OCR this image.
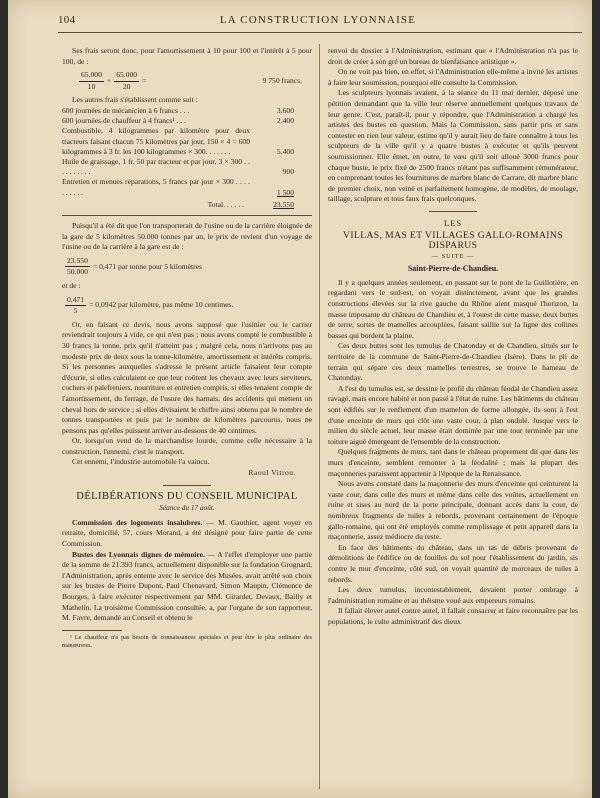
104	LA CONSTRUCTION LYONNAISE

Ses frais seront donc, pour l'amortissement à 10 pour 100 et l'intérêt à 5 pour 100, de :

$\frac{65.000}{10} + \frac{65.000}{20}$ =	9 750 francs.

Les autres frais s'établissent comme suit :

600 journées de mécanicien à 6 francs . . .	3.600
600 journées de chauffeur à 4 francs¹ . . .	2.400
Combustible, 4 kilogrammes par kilomètre pour deux tracteurs faisant chacun 75 kilomètres par jour, 150 × 4 = 600 kilogrammes à 3 fr. les 100 kilogrammes × 300. . . . . . .	5.400
Huile de graissage, 1 fr. 50 par tracteur et par jour, 3 × 300 . . . . . . . . . .	900
Entretien et menues réparations, 5 francs par jour × 300 . . . . . . . . . .	1 500
Total. . . . . .	23.550

Puisqu'il a été dit que l'on transporterait de l'usine ou de la carrière éloignée de la gare de 5 kilomètres 50.000 tonnes par an, le prix de revient d'un voyage de l'usine ou de la carrière à la gare est de :

$\frac{23.550}{50.000} = 0,471$ par tonne pour 5 kilomètres

et de :

$\frac{0,471}{5} = 0,0942$ par kilomètre, pas même 10 centimes.

Or, en faisant ce devis, nous avons supposé que l'usinier ou le carrier reviendrait toujours à vide, ce qui n'est pas ; nous avons compté le combustible à 30 francs la tonne, prix qu'il n'atteint pas ; malgré cela, nous n'arrivons pas au modeste prix de deux sous la tonne-kilomètre, amortissement et intérêts compris. Si les personnes auxquelles s'adresse le présent article faisaient leur compte d'écurie, si elles calculaient ce que leur coûtent les chevaux avec leurs serviteurs, cochers et palefreniers, nourriture et entretien compris, si elles tenaient compte de l'amortissement, du ferrage, de l'usure des harnais, des accidents qui mettent un cheval hors de service ; si elles divisaient le chiffre ainsi obtenu par le nombre de tonnes transportées et puis par le nombre de kilomètres parcourus, nous ne pensons pas qu'elles puissent arriver au-dessous de 40 centimes.

Or, lorsqu'on vend de la marchandise lourde, comme celle nécessaire à la construction, l'ennemi, c'est le transport.

Cet ennemi, l'industrie automobile l'a vaincu.

Raoul Vitrou.
DÉLIBÉRATIONS DU CONSEIL MUNICIPAL
Séance du 17 août.

Commission des logements insalubres. — M. Gauthier, agent voyer en retraite, domicilié, 57, cours Morand, a été désigné pour faire partie de cette Commission.

Bustes des Lyonnais dignes de mémoire. — A l'effet d'employer une partie de la somme de 21.393 francs, actuellement disponible sur la fondation Grognard, l'Administration, après entente avec le service des Musées, avait arrêté son choix sur les bustes de Pierre Dupont, Paul Chenavard, Simon Maupin, Clémence de Bourges, à faire exécuter respectivement par MM. Girardet, Devaux, Bailly et Mathelin. La troisième Commission consultée, a, par l'organe de son rapporteur, M. Favre, demandé au Conseil et obtenu le

¹ Le chauffeur n'a pas besoin de connaissances spéciales et peut être le plus ordinaire des manœuvres.

renvoi du dossier à l'Administration, estimant que « l'Administration n'a pas le droit de créer à son gré un bureau de bienfaisance artistique ».

On ne voit pas bien, en effet, si l'Administration elle-même a invité les artistes à faire leur soumission, pourquoi elle consulte la Commission.

Les sculpteurs lyonnais avaient, à la séance du 11 mai dernier, déposé une pétition demandant que la ville leur réserve annuellement quelques travaux de leur genre. C'est, paraît-il, pour y répondre, que l'Administration a chargé les artistes des bustes en question. Mais la Commission, sans partir pris et sans contester en rien leur valeur, estime qu'il y aurait lieu de faire connaître à tous les sculpteurs de la ville qu'il y a quatre bustes à exécuter et qu'ils peuvent soumissionner. Elle émet, en outre, le vœu qu'il soit alloué 3000 francs pour chaque buste, le prix fixé de 2500 francs n'étant pas suffisamment rémunérateur, en comprenant toutes les fournitures de marbre blanc de Carrare, dit marbre blanc de premier choix, non veiné et parfaitement homogène, de modèles, de moulage, taillage, sculpture et tous faux frais quelconques.

LES
VILLAS, MAS ET VILLAGES GALLO-ROMAINS DISPARUS
— SUITE —
Saint-Pierre-de-Chandieu.

Il y a quelques années seulement, en passant sur le pont de la Guillotière, en regardant vers le sud-est, on voyait distinctement, avant que les grandes constructions élevées sur la rive gauche du Rhône aient masqué l'horizon, la masse imposante du château de Chandieu et, à l'ouest de cette masse, deux buttes de terre, sortes de mamelles accouplées, faisant saillie sur la ligne des collines basses qui bordent la plaine.

Ces deux buttes sont les tumulus de Chatonday et de Chandieu, situés sur le territoire de la commune de Saint-Pierre-de-Chandieu (Isère). Dans le pli de terrain qui sépare ces deux mamelles terrestres, se trouve le hameau de Chatonday.

A l'est du tumulus est, se dessine le profil du château féodal de Chandieu assez ravagé, mais encore habité et non passé à l'état de ruine. Les bâtiments du château sont édifiés sur le renflement d'un mamelon de forme allongée, ils sont à l'est d'une enceinte de murs qui clôt une vaste cour, à plan ondulé. Jusque vers le milieu du siècle actuel, leur masse était dominée par une tour terminée par une toiture aiguë émergeant de l'ensemble de la construction.

Quelques fragments de murs, tant dans le château proprement dit que dans les murs d'enceinte, semblent remonter à la féodalité ; mais la plupart des maçonneries paraissent appartenir à l'époque de la Renaissance.

Nous avons constaté dans la maçonnerie des murs d'enceinte qui ceinturent la vaste cour, dans celle des murs et même dans celle des voûtes, actuellement en ruine et sises au nord de la porte principale, donnant accès dans la cour, de nombreux fragments de tuiles à rebords, provenant certainement de l'époque gallo-romaine, qui ont été employés comme remplissage et petit appareil dans la maçonnerie, assez médiocre du reste.

En face des bâtiments du château, dans un tas de débris provenant de démolitions de l'édifice ou de fouilles du sol pour l'établissement du jardin, sis contre le mur d'enceinte, côté sud, on voyait quantité de morceaux de tuiles à rebords.

Les deux tumulus, incontestablement, devaient porter ombrage à l'administration romaine et au théisme voué aux empereurs romains.

Il fallait élever autel contre autel, il fallait consacrer et faire reconnaître par les populations, le culte administratif des dieux
